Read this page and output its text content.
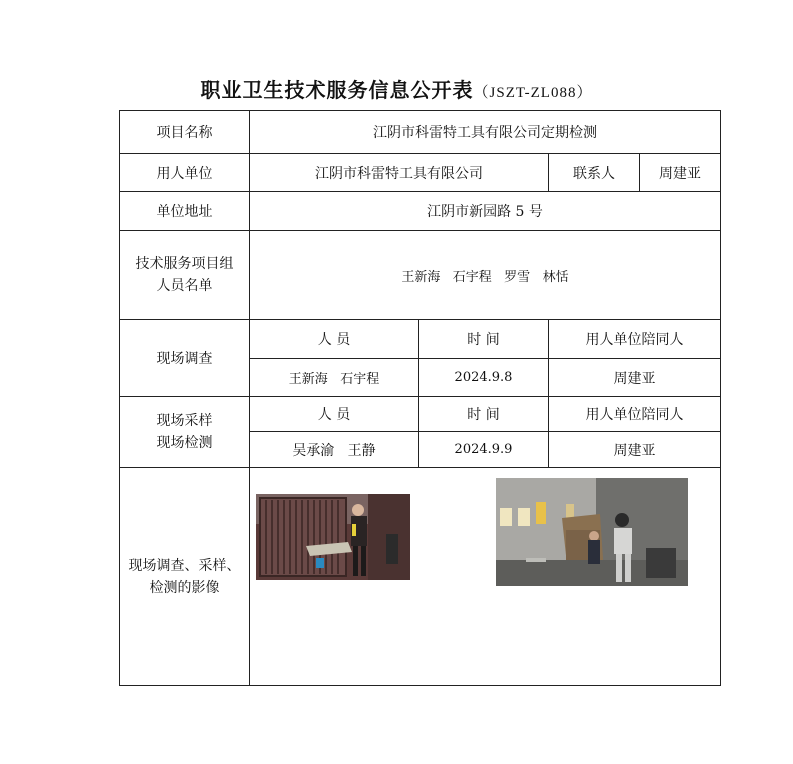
职业卫生技术服务信息公开表（JSZT-ZL088）
项目名称	江阴市科雷特工具有限公司定期检测			
用人单位	江阴市科雷特工具有限公司		联系人	周建亚
单位地址	江阴市新园路 5 号			

技术服务项目组
人员名单	王新海   石宇程   罗雪   林恬			
现场调查	人 员	时 间	用人单位陪同人	
	王新海   石宇程	2024.9.8	周建亚	

现场采样
现场检测	人 员	时 间	用人单位陪同人	
	吴承渝   王静	2024.9.9	周建亚	

现场调查、采样、
检测的影像				
